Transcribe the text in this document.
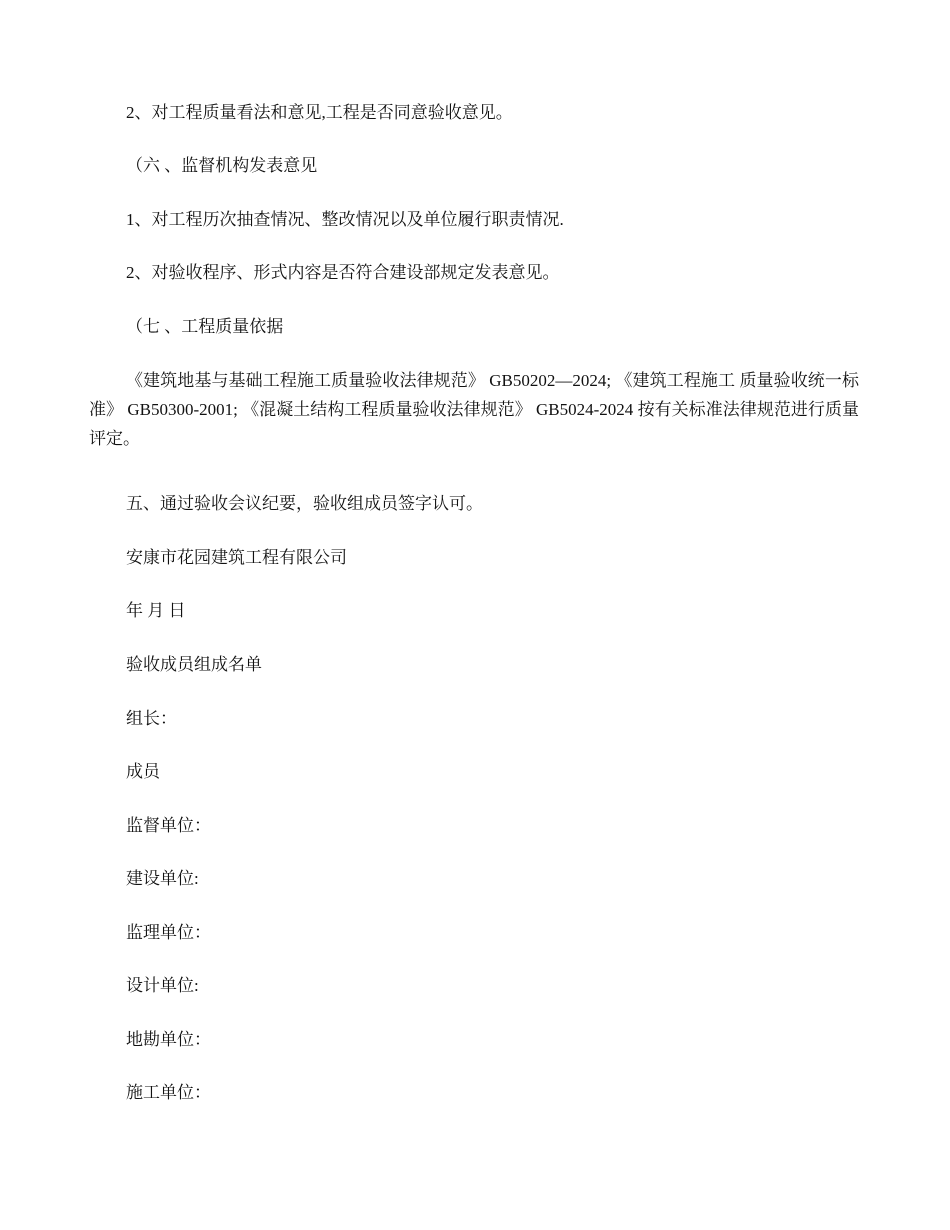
2、对工程质量看法和意见,工程是否同意验收意见。

（六 、监督机构发表意见

1、对工程历次抽查情况、整改情况以及单位履行职责情况.

2、对验收程序、形式内容是否符合建设部规定发表意见。

（七 、工程质量依据

《建筑地基与基础工程施工质量验收法律规范》 GB50202—2024; 《建筑工程施工 质量验收统一标准》 GB50300-2001; 《混凝土结构工程质量验收法律规范》 GB5024-2024 按有关标准法律规范进行质量评定。

五、通过验收会议纪要，验收组成员签字认可。

安康市花园建筑工程有限公司

年 月 日

验收成员组成名单

组长：

成员

监督单位：

建设单位:

监理单位：

设计单位:

地勘单位：

施工单位：
